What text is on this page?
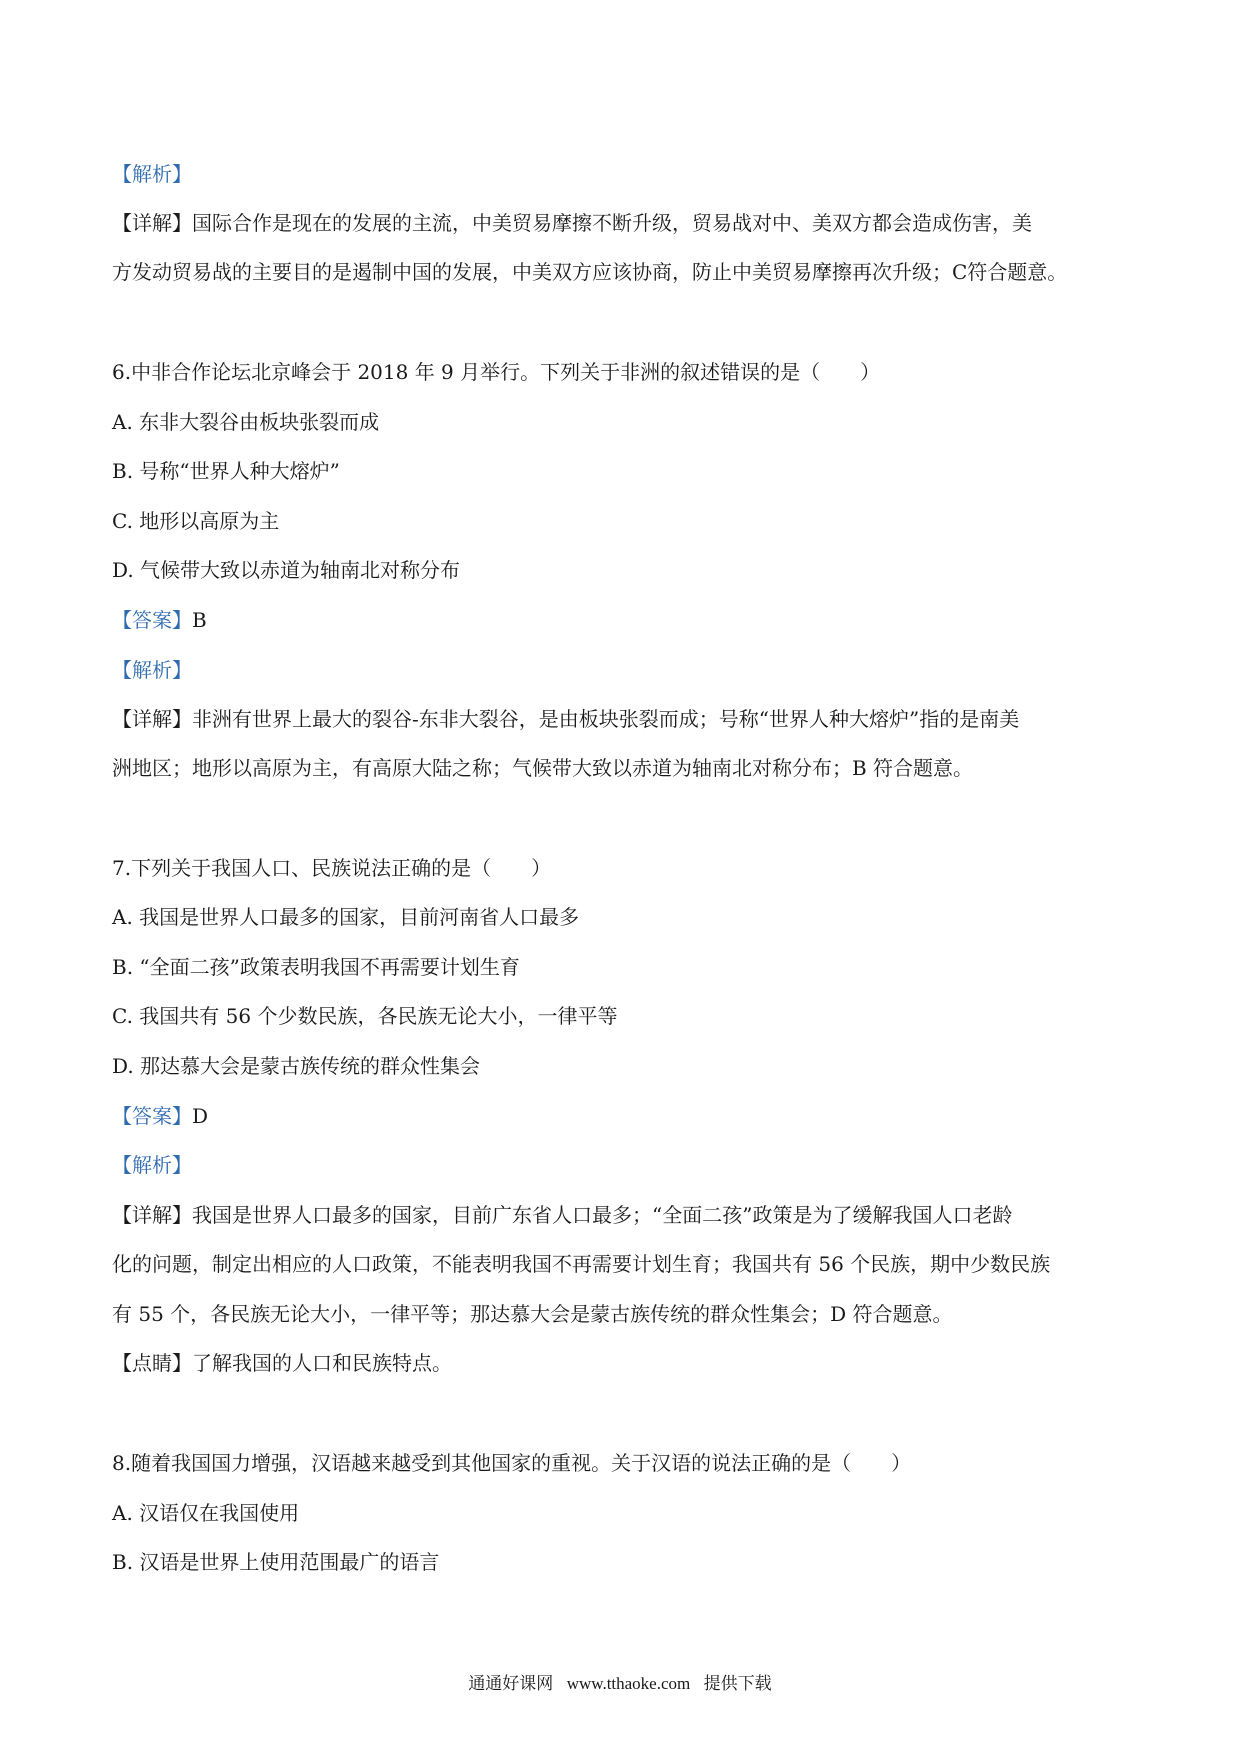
【解析】
【详解】国际合作是现在的发展的主流，中美贸易摩擦不断升级，贸易战对中、美双方都会造成伤害，美
方发动贸易战的主要目的是遏制中国的发展，中美双方应该协商，防止中美贸易摩擦再次升级；C符合题意。
6.中非合作论坛北京峰会于 2018 年 9 月举行。下列关于非洲的叙述错误的是（　　）
A. 东非大裂谷由板块张裂而成
B. 号称“世界人种大熔炉”
C. 地形以高原为主
D. 气候带大致以赤道为轴南北对称分布
【答案】B
【解析】
【详解】非洲有世界上最大的裂谷-东非大裂谷，是由板块张裂而成；号称“世界人种大熔炉”指的是南美
洲地区；地形以高原为主，有高原大陆之称；气候带大致以赤道为轴南北对称分布；B 符合题意。
7.下列关于我国人口、民族说法正确的是（　　）
A. 我国是世界人口最多的国家，目前河南省人口最多
B. “全面二孩”政策表明我国不再需要计划生育
C. 我国共有 56 个少数民族，各民族无论大小，一律平等
D. 那达慕大会是蒙古族传统的群众性集会
【答案】D
【解析】
【详解】我国是世界人口最多的国家，目前广东省人口最多；“全面二孩”政策是为了缓解我国人口老龄
化的问题，制定出相应的人口政策，不能表明我国不再需要计划生育；我国共有 56 个民族，期中少数民族
有 55 个，各民族无论大小，一律平等；那达慕大会是蒙古族传统的群众性集会；D 符合题意。
【点睛】了解我国的人口和民族特点。
8.随着我国国力增强，汉语越来越受到其他国家的重视。关于汉语的说法正确的是（　　）
A. 汉语仅在我国使用
B. 汉语是世界上使用范围最广的语言
通通好课网 www.tthaoke.com 提供下载
